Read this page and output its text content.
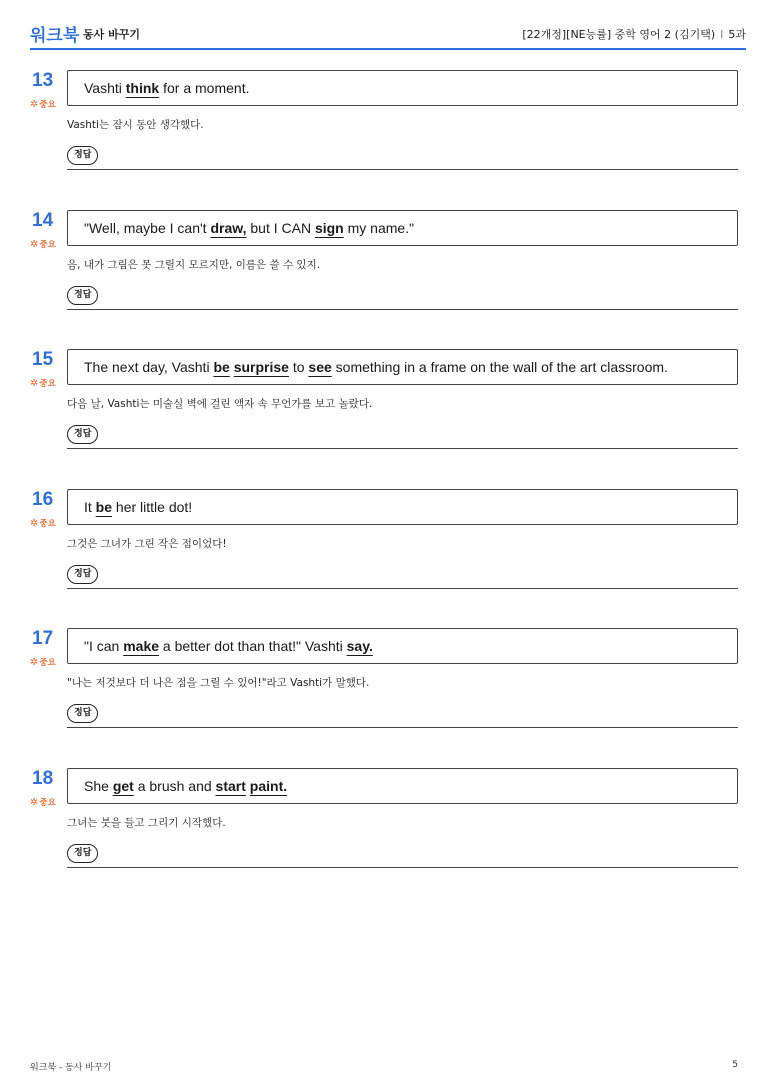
워크북 동사 바꾸기	[22개정][NE능률] 중학 영어 2 (김기택) I 5과
13
✲중요
Vashti think for a moment.
Vashti는 잠시 동안 생각했다.
정답
14
✲중요
"Well, maybe I can't draw, but I CAN sign my name."
음, 내가 그림은 못 그릴지 모르지만, 이름은 쓸 수 있지.
정답
15
✲중요
The next day, Vashti be surprise to see something in a frame on the wall of the art classroom.
다음 날, Vashti는 미술실 벽에 걸린 액자 속 무언가를 보고 놀랐다.
정답
16
✲중요
It be her little dot!
그것은 그녀가 그린 작은 점이었다!
정답
17
✲중요
"I can make a better dot than that!" Vashti say.
"나는 저것보다 더 나은 점을 그릴 수 있어!"라고 Vashti가 말했다.
정답
18
✲중요
She get a brush and start paint.
그녀는 붓을 들고 그리기 시작했다.
정답
워크북 - 동사 바꾸기	5
